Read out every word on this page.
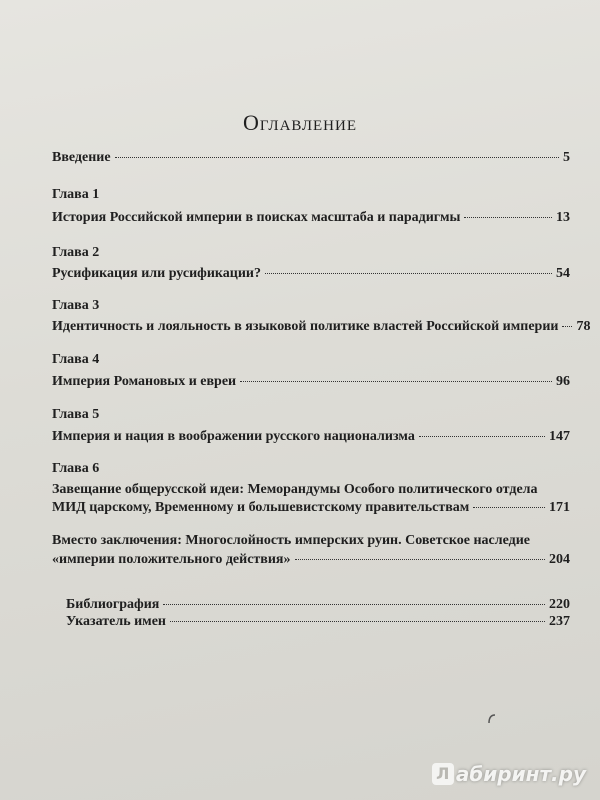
Оглавление
Введение	5
Глава 1
История Российской империи в поисках масштаба и парадигмы	13
Глава 2
Русификация или русификации?	54
Глава 3
Идентичность и лояльность в языковой политике властей Российской империи 78
Глава 4
Империя Романовых и евреи	96
Глава 5
Империя и нация в воображении русского национализма	147
Глава 6
Завещание общерусской идеи: Меморандумы Особого политического отдела
МИД царскому, Временному и большевистскому правительствам	171
Вместо заключения: Многослойность имперских руин. Советское наследие
«империи положительного действия»	204
Библиография	220
Указатель имен	237
Л абиринт.ру
